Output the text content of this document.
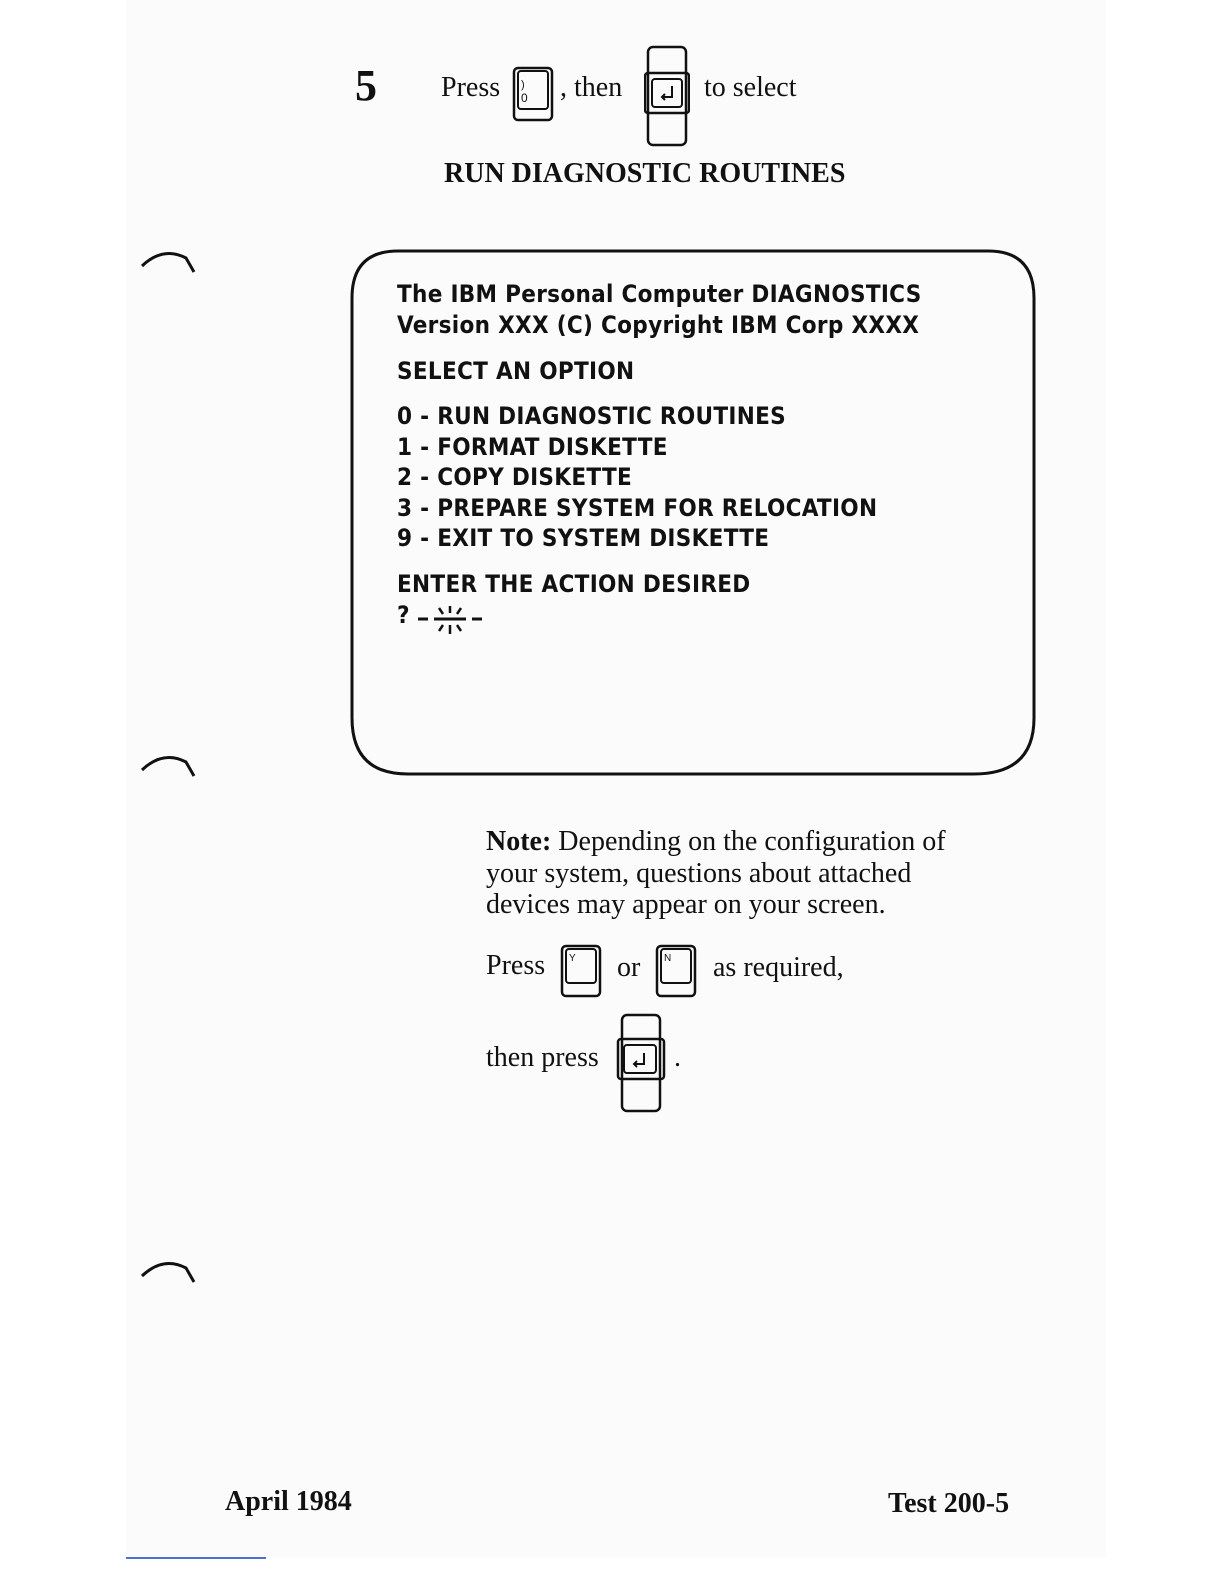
5 Press )
0 , then	to select
RUN DIAGNOSTIC ROUTINES
The IBM Personal Computer DIAGNOSTICS
Version XXX (C) Copyright IBM Corp XXXX
SELECT AN OPTION
0 - RUN DIAGNOSTIC ROUTINES
1 - FORMAT DISKETTE
2 - COPY DISKETTE
3 - PREPARE SYSTEM FOR RELOCATION
9 - EXIT TO SYSTEM DISKETTE
ENTER THE ACTION DESIRED
?
Note: Depending on the configuration of
your system, questions about attached
devices may appear on your screen.
Press Y or N as required,
then press	.
April 1984	Test 200-5
